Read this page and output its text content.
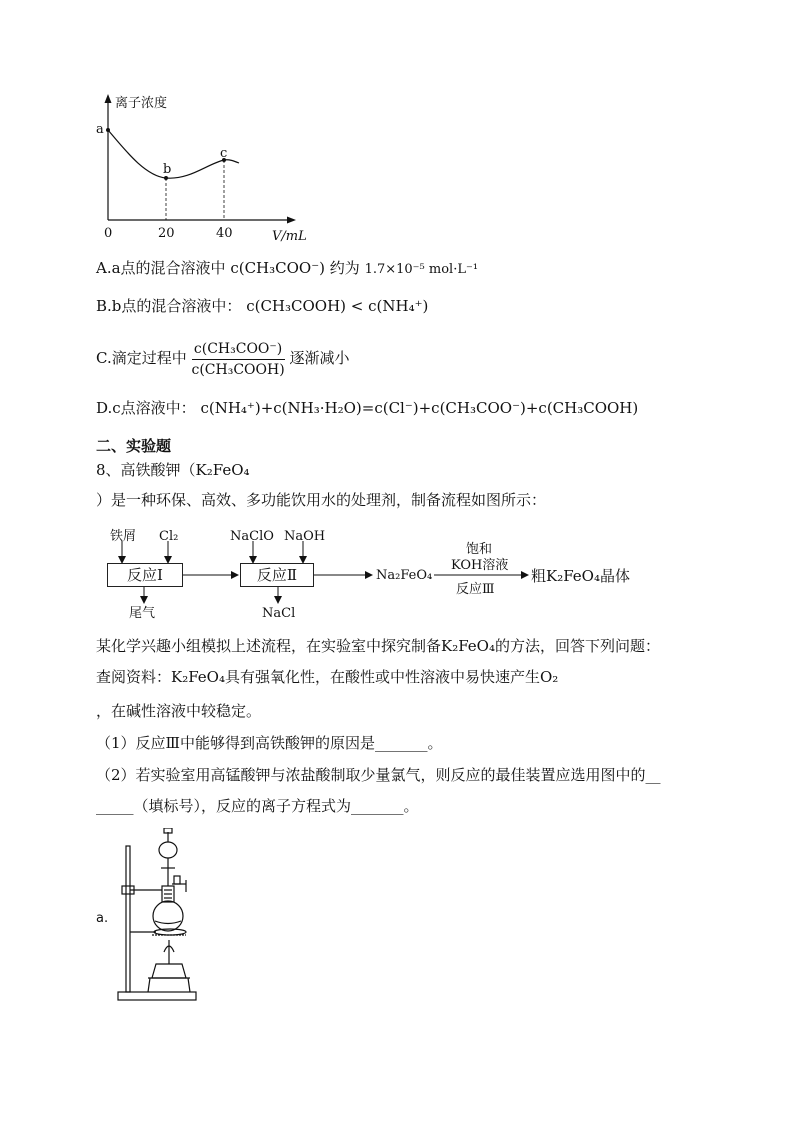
离子浓度
a
b
c
0	20	40	V/mL
A.a点的混合溶液中 c(CH₃COO⁻) 约为 1.7×10⁻⁵ mol·L⁻¹
B.b点的混合溶液中： c(CH₃COOH) < c(NH₄⁺)
C.滴定过程中 $\frac{\text{c(CH₃COO⁻)}}{\text{c(CH₃COOH)}}$ 逐渐减小
D.c点溶液中： c(NH₄⁺)+c(NH₃·H₂O)=c(Cl⁻)+c(CH₃COO⁻)+c(CH₃COOH)
二、实验题
8、高铁酸钾（K₂FeO₄
）是一种环保、高效、多功能饮用水的处理剂，制备流程如图所示：
铁屑 Cl₂
反应Ⅰ
尾气
NaClO NaOH
反应Ⅱ
NaCl
Na₂FeO₄
饱和
KOH溶液
反应Ⅲ
粗K₂FeO₄晶体
某化学兴趣小组模拟上述流程，在实验室中探究制备K₂FeO₄的方法，回答下列问题：
查阅资料：K₂FeO₄具有强氧化性，在酸性或中性溶液中易快速产生O₂
，在碱性溶液中较稳定。
（1）反应Ⅲ中能够得到高铁酸钾的原因是_______。
（2）若实验室用高锰酸钾与浓盐酸制取少量氯气，则反应的最佳装置应选用图中的__
_____（填标号），反应的离子方程式为_______。
a.
